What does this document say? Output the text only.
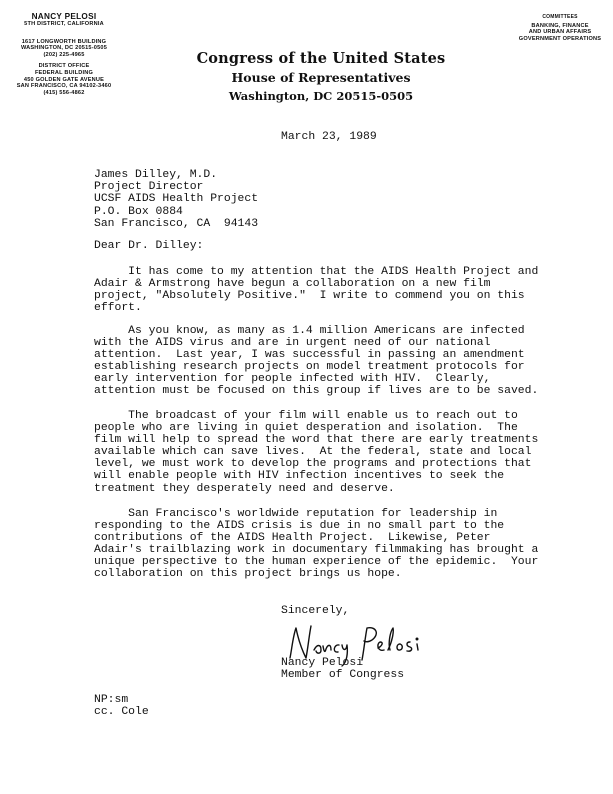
NANCY PELOSI
5TH DISTRICT, CALIFORNIA
1617 LONGWORTH BUILDING
WASHINGTON, DC 20515-0505
(202) 225-4965
DISTRICT OFFICE
FEDERAL BUILDING
450 GOLDEN GATE AVENUE
SAN FRANCISCO, CA 94102-3460
(415) 556-4862
Congress of the United States
House of Representatives
Washington, DC 20515-0505
COMMITTEES
BANKING, FINANCE
AND URBAN AFFAIRS
GOVERNMENT OPERATIONS
March 23, 1989
James Dilley, M.D.
Project Director
UCSF AIDS Health Project
P.O. Box 0884
San Francisco, CA  94143
Dear Dr. Dilley:
It has come to my attention that the AIDS Health Project and
Adair & Armstrong have begun a collaboration on a new film
project, "Absolutely Positive."  I write to commend you on this
effort.
As you know, as many as 1.4 million Americans are infected
with the AIDS virus and are in urgent need of our national
attention.  Last year, I was successful in passing an amendment
establishing research projects on model treatment protocols for
early intervention for people infected with HIV.  Clearly,
attention must be focused on this group if lives are to be saved.
The broadcast of your film will enable us to reach out to
people who are living in quiet desperation and isolation.  The
film will help to spread the word that there are early treatments
available which can save lives.  At the federal, state and local
level, we must work to develop the programs and protections that
will enable people with HIV infection incentives to seek the
treatment they desperately need and deserve.
San Francisco's worldwide reputation for leadership in
responding to the AIDS crisis is due in no small part to the
contributions of the AIDS Health Project.  Likewise, Peter
Adair's trailblazing work in documentary filmmaking has brought a
unique perspective to the human experience of the epidemic.  Your
collaboration on this project brings us hope.
Sincerely,
Nancy Pelosi
Member of Congress
NP:sm
cc. Cole
